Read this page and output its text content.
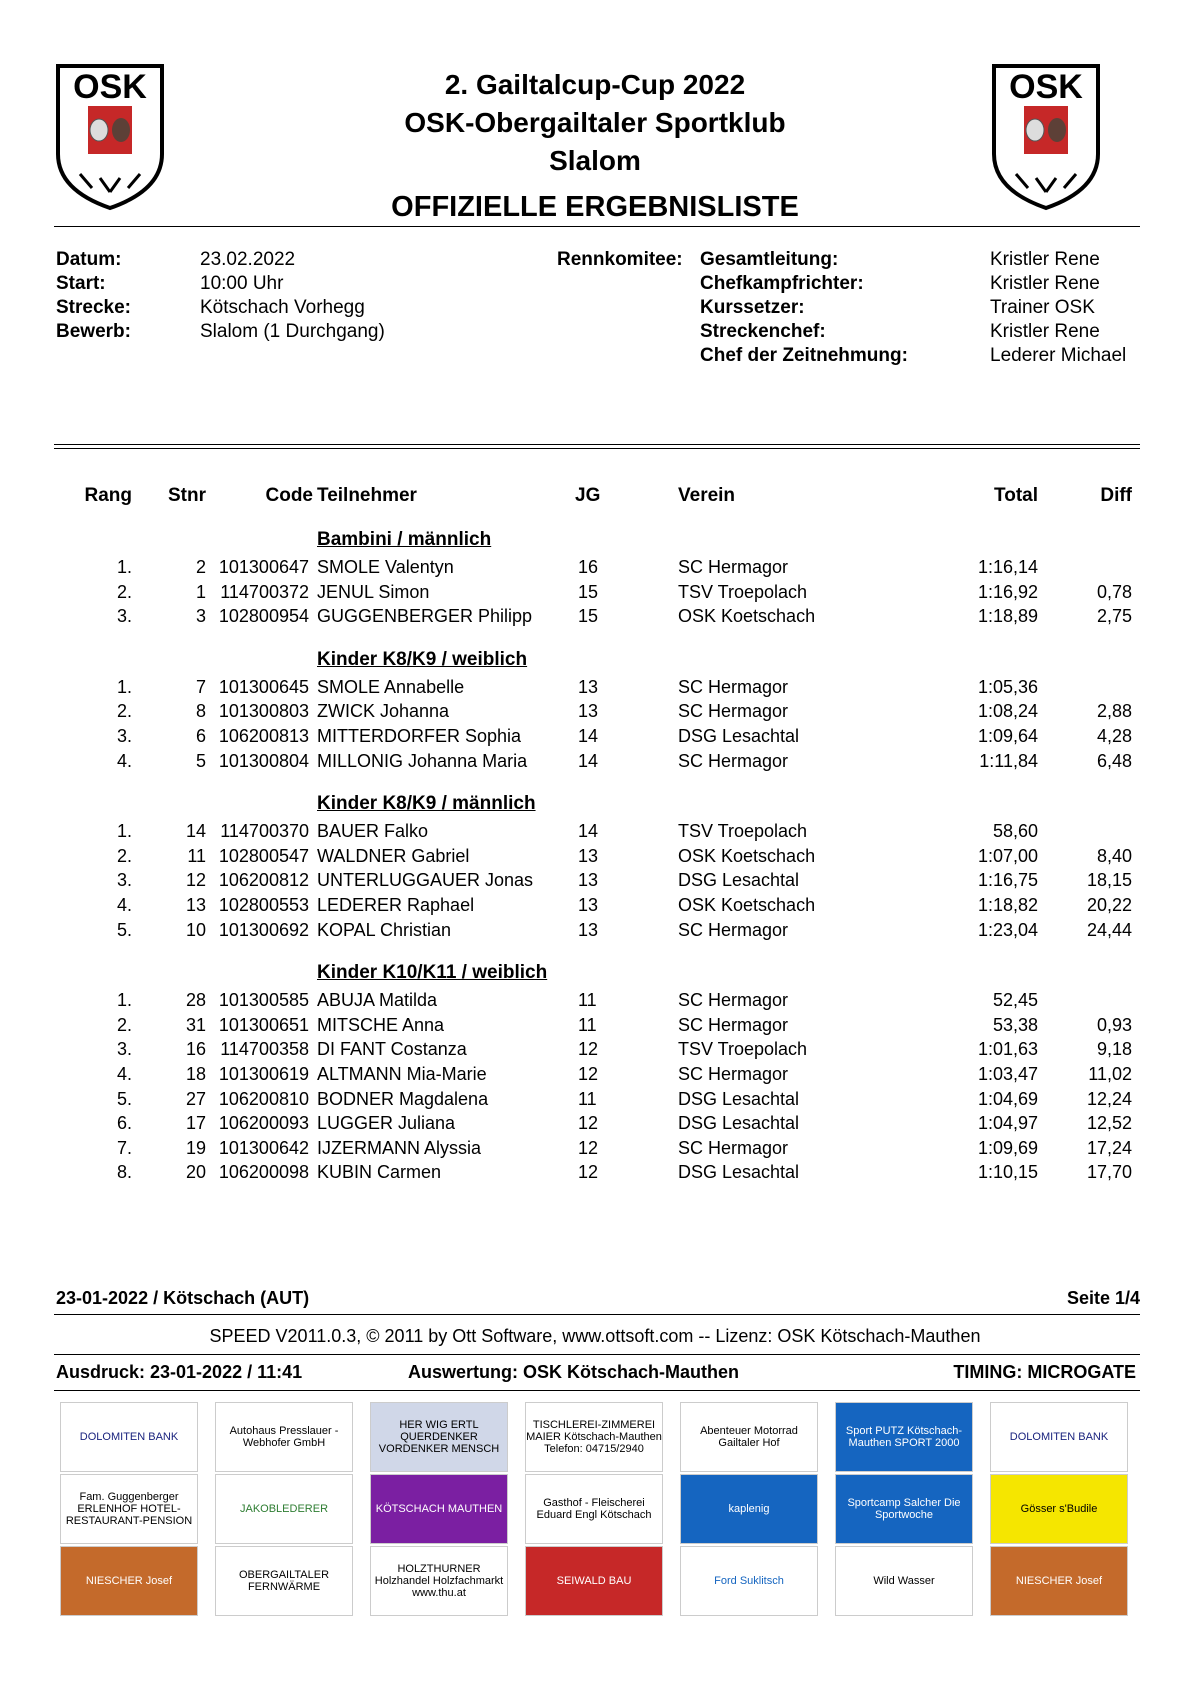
OSK	OSK
2. Gailtalcup-Cup 2022
OSK-Obergailtaler Sportklub
Slalom
OFFIZIELLE ERGEBNISLISTE
Datum:	23.02.2022
Start:	10:00 Uhr
Strecke:	Kötschach Vorhegg
Bewerb:	Slalom (1 Durchgang)
Rennkomitee: Gesamtleitung:	Kristler Rene
Chefkampfrichter:	Kristler Rene
Kurssetzer:	Trainer OSK
Streckenchef:	Kristler Rene
Chef der Zeitnehmung:	Lederer Michael
Rang	Stnr	Code Teilnehmer	JG	Verein	Total	Diff
Bambini / männlich
1.	2 101300647 SMOLE Valentyn	16	SC Hermagor	1:16,14
2.	1 114700372 JENUL Simon	15	TSV Troepolach	1:16,92	0,78
3.	3 102800954 GUGGENBERGER Philipp	15	OSK Koetschach	1:18,89	2,75
Kinder K8/K9 / weiblich
1.	7 101300645 SMOLE Annabelle	13	SC Hermagor	1:05,36
2.	8 101300803 ZWICK Johanna	13	SC Hermagor	1:08,24	2,88
3.	6 106200813 MITTERDORFER Sophia	14	DSG Lesachtal	1:09,64	4,28
4.	5 101300804 MILLONIG Johanna Maria	14	SC Hermagor	1:11,84	6,48
Kinder K8/K9 / männlich
1.	14 114700370 BAUER Falko	14	TSV Troepolach	58,60
2.	11 102800547 WALDNER Gabriel	13	OSK Koetschach	1:07,00	8,40
3.	12 106200812 UNTERLUGGAUER Jonas 13	DSG Lesachtal	1:16,75	18,15
4.	13 102800553 LEDERER Raphael	13	OSK Koetschach	1:18,82	20,22
5.	10 101300692 KOPAL Christian	13	SC Hermagor	1:23,04	24,44
Kinder K10/K11 / weiblich
1.	28 101300585 ABUJA Matilda	11	SC Hermagor	52,45
2.	31 101300651 MITSCHE Anna	11	SC Hermagor	53,38	0,93
3.	16 114700358 DI FANT Costanza	12	TSV Troepolach	1:01,63	9,18
4.	18 101300619 ALTMANN Mia-Marie	12	SC Hermagor	1:03,47	11,02
5.	27 106200810 BODNER Magdalena	11	DSG Lesachtal	1:04,69	12,24
6.	17 106200093 LUGGER Juliana	12	DSG Lesachtal	1:04,97	12,52
7.	19 101300642 IJZERMANN Alyssia	12	SC Hermagor	1:09,69	17,24
8.	20 106200098 KUBIN Carmen	12	DSG Lesachtal	1:10,15	17,70
23-01-2022 / Kötschach (AUT)	Seite 1/4
SPEED V2011.0.3, © 2011 by Ott Software, www.ottsoft.com -- Lizenz: OSK Kötschach-Mauthen
Ausdruck: 23-01-2022 / 11:41	Auswertung: OSK Kötschach-Mauthen	TIMING: MICROGATE
DOLOMITEN BANK	Autohaus Presslauer - Webhofer GmbH
HER WIG ERTL QUERDENKER VORDENKER MENSCH
TISCHLEREI-ZIMMEREI MAIER Kötschach-Mauthen Telefon: 04715/2940
Abenteuer Motorrad Gailtaler Hof
Sport PUTZ Kötschach-Mauthen SPORT 2000	DOLOMITEN BANK
Fam. Guggenberger ERLENHOF HOTEL-RESTAURANT-PENSION
JAKOBLEDERER	KÖTSCHACH MAUTHEN	Gasthof - Fleischerei Eduard Engl Kötschach	kaplenig	Sportcamp Salcher Die Sportwoche	Gösser s'Budile
NIESCHER Josef	OBERGAILTALER FERNWÄRME
HOLZTHURNER Holzhandel Holzfachmarkt www.thu.at
SEIWALD BAU	Ford Suklitsch	Wild Wasser	NIESCHER Josef
